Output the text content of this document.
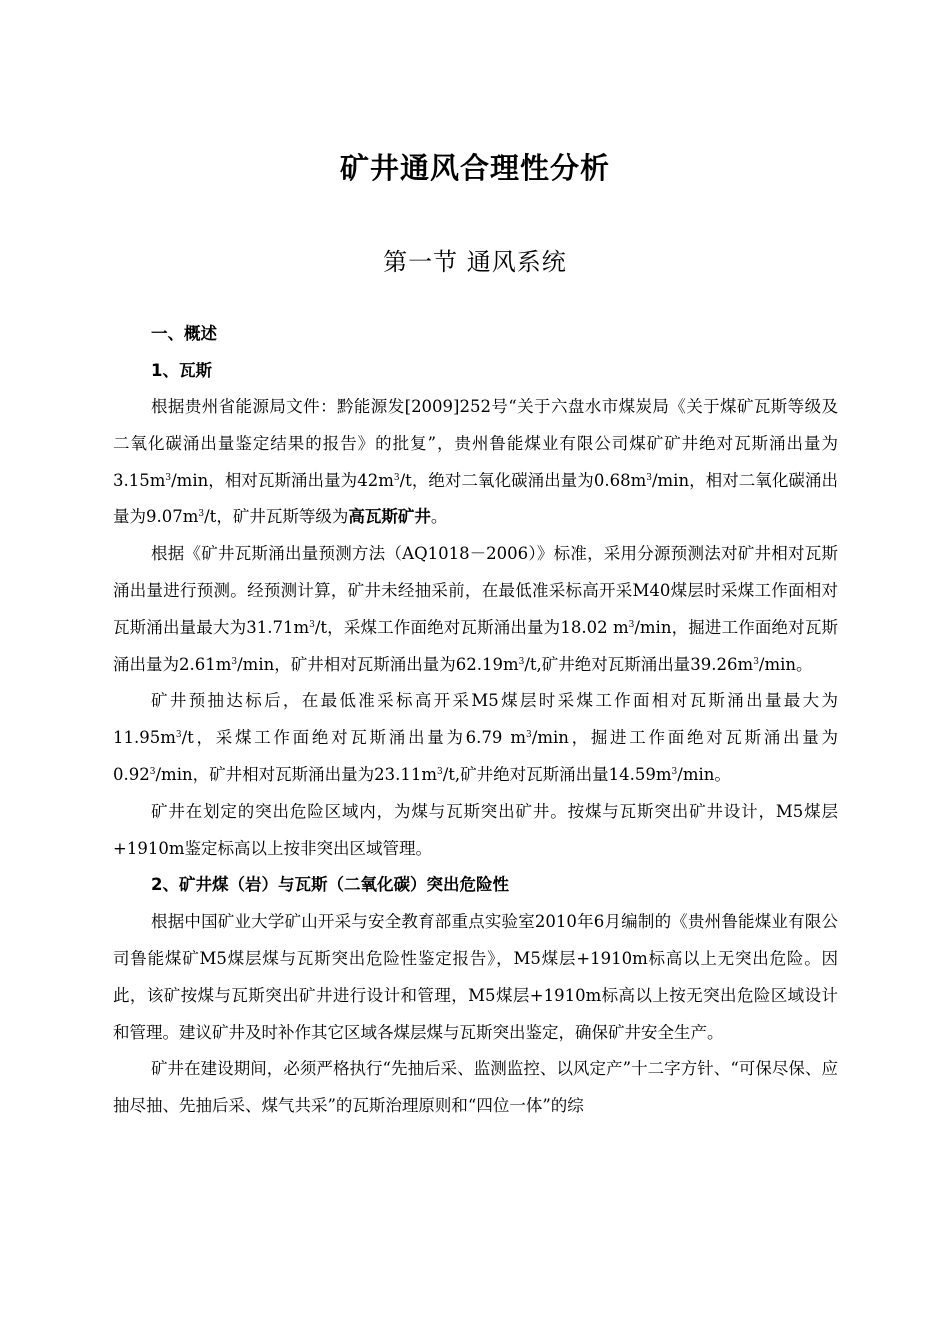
矿井通风合理性分析
第一节 通风系统
一、概述
1、瓦斯

根据贵州省能源局文件：黔能源发[2009]252号“关于六盘水市煤炭局《关于煤矿瓦斯等级及二氧化碳涌出量鉴定结果的报告》的批复”，贵州鲁能煤业有限公司煤矿矿井绝对瓦斯涌出量为$3.15m^3/\min$，相对瓦斯涌出量为$42m^3/t$，绝对二氧化碳涌出量为$0.68m^3/\min$，相对二氧化碳涌出量为$9.07m^3/t$，矿井瓦斯等级为高瓦斯矿井。

根据《矿井瓦斯涌出量预测方法（AQ1018－2006）》标准，采用分源预测法对矿井相对瓦斯涌出量进行预测。经预测计算，矿井未经抽采前，在最低准采标高开采M40煤层时采煤工作面相对瓦斯涌出量最大为$31.71m^3/t$，采煤工作面绝对瓦斯涌出量为18.02 $m^3/\min$，掘进工作面绝对瓦斯涌出量为$2.61m^3/\min$，矿井相对瓦斯涌出量为$62.19m^3/t$,矿井绝对瓦斯涌出量$39.26m^3/\min$。

矿井预抽达标后，在最低准采标高开采M5煤层时采煤工作面相对瓦斯涌出量最大为$11.95m^3/t$，采煤工作面绝对瓦斯涌出量为6.79 $m^3/\min$，掘进工作面绝对瓦斯涌出量为0.92$^3$/min，矿井相对瓦斯涌出量为$23.11m^3/t$,矿井绝对瓦斯涌出量$14.59m^3/\min$。

矿井在划定的突出危险区域内，为煤与瓦斯突出矿井。按煤与瓦斯突出矿井设计，M5煤层+1910m鉴定标高以上按非突出区域管理。

2、矿井煤（岩）与瓦斯（二氧化碳）突出危险性

根据中国矿业大学矿山开采与安全教育部重点实验室2010年6月编制的《贵州鲁能煤业有限公司鲁能煤矿M5煤层煤与瓦斯突出危险性鉴定报告》，M5煤层+1910m标高以上无突出危险。因此，该矿按煤与瓦斯突出矿井进行设计和管理，M5煤层+1910m标高以上按无突出危险区域设计和管理。建议矿井及时补作其它区域各煤层煤与瓦斯突出鉴定，确保矿井安全生产。

矿井在建设期间，必须严格执行“先抽后采、监测监控、以风定产”十二字方针、“可保尽保、应抽尽抽、先抽后采、煤气共采”的瓦斯治理原则和“四位一体”的综
